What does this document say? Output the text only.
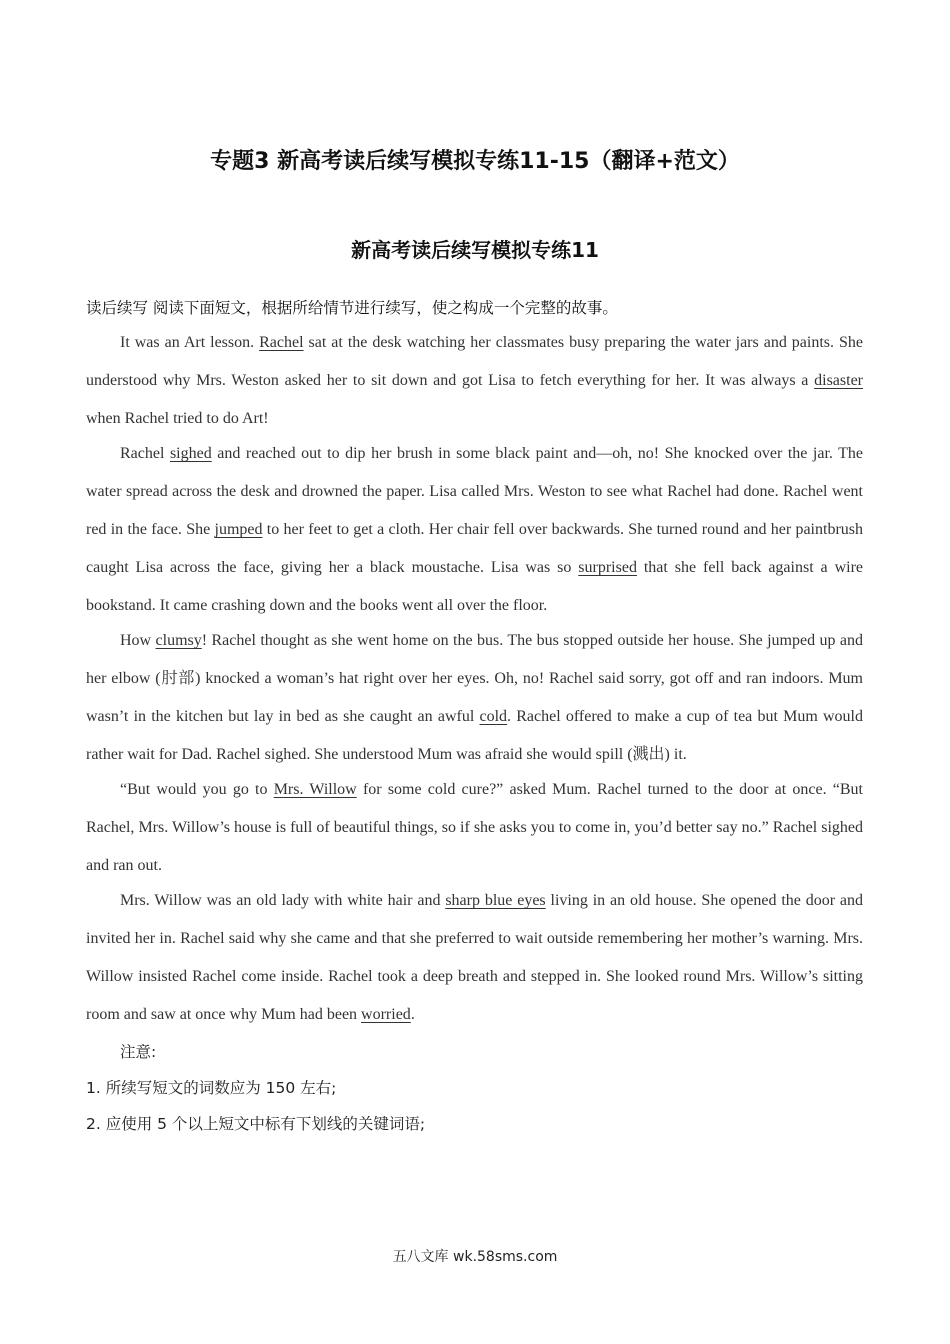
专题3 新高考读后续写模拟专练11-15（翻译+范文）
新高考读后续写模拟专练11
读后续写 阅读下面短文，根据所给情节进行续写，使之构成一个完整的故事。

It was an Art lesson. Rachel sat at the desk watching her classmates busy preparing the water jars and paints. She understood why Mrs. Weston asked her to sit down and got Lisa to fetch everything for her. It was always a disaster when Rachel tried to do Art!

Rachel sighed and reached out to dip her brush in some black paint and—oh, no! She knocked over the jar. The water spread across the desk and drowned the paper. Lisa called Mrs. Weston to see what Rachel had done. Rachel went red in the face. She jumped to her feet to get a cloth. Her chair fell over backwards. She turned round and her paintbrush caught Lisa across the face, giving her a black moustache. Lisa was so surprised that she fell back against a wire bookstand. It came crashing down and the books went all over the floor.

How clumsy! Rachel thought as she went home on the bus. The bus stopped outside her house. She jumped up and her elbow (肘部) knocked a woman’s hat right over her eyes. Oh, no! Rachel said sorry, got off and ran indoors. Mum wasn’t in the kitchen but lay in bed as she caught an awful cold. Rachel offered to make a cup of tea but Mum would rather wait for Dad. Rachel sighed. She understood Mum was afraid she would spill (溅出) it.

“But would you go to Mrs. Willow for some cold cure?” asked Mum. Rachel turned to the door at once. “But Rachel, Mrs. Willow’s house is full of beautiful things, so if she asks you to come in, you’d better say no.” Rachel sighed and ran out.

Mrs. Willow was an old lady with white hair and sharp blue eyes living in an old house. She opened the door and invited her in. Rachel said why she came and that she preferred to wait outside remembering her mother’s warning. Mrs. Willow insisted Rachel come inside. Rachel took a deep breath and stepped in. She looked round Mrs. Willow’s sitting room and saw at once why Mum had been worried.

注意:

1. 所续写短文的词数应为 150 左右;

2. 应使用 5 个以上短文中标有下划线的关键词语;

五八文库 wk.58sms.com
